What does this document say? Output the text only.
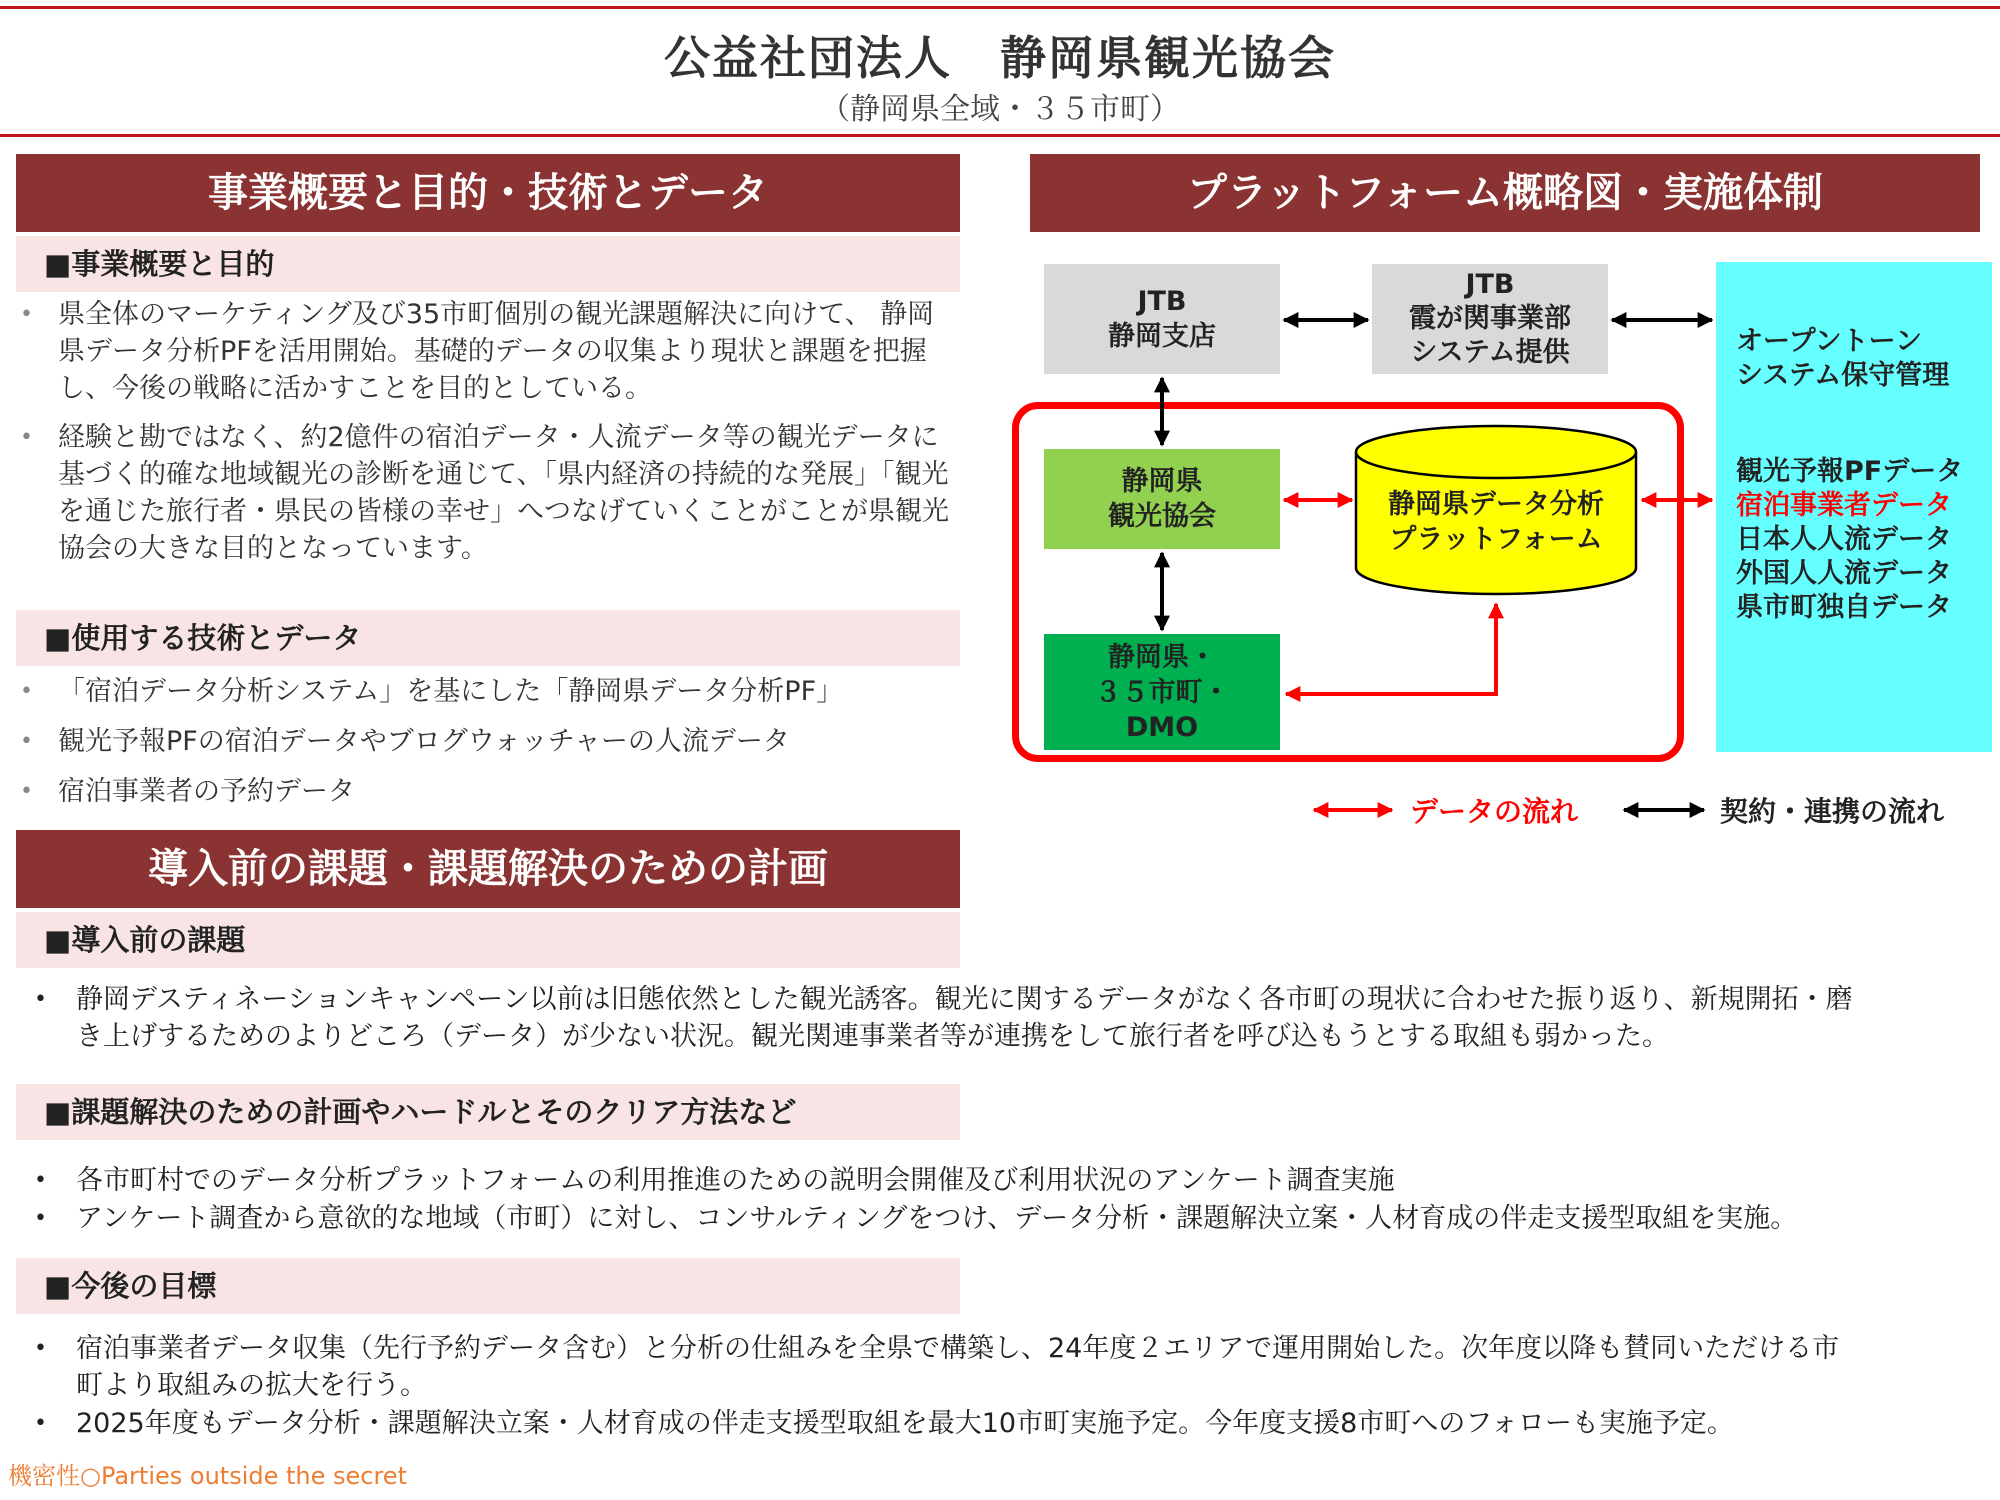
公益社団法人　静岡県観光協会
（静岡県全域・３５市町）
事業概要と目的・技術とデータ
■事業概要と目的
• 県全体のマーケティング及び35市町個別の観光課題解決に向けて、 静岡県データ分析PFを活用開始。基礎的データの収集より現状と課題を把握し、今後の戦略に活かすことを目的としている。
• 経験と勘ではなく、約2億件の宿泊データ・人流データ等の観光データに基づく的確な地域観光の診断を通じて、「県内経済の持続的な発展」「観光を通じた旅行者・県民の皆様の幸せ」へつなげていくことがことが県観光協会の大きな目的となっています。
■使用する技術とデータ
• 「宿泊データ分析システム」を基にした「静岡県データ分析PF」
• 観光予報PFの宿泊データやブログウォッチャーの人流データ
• 宿泊事業者の予約データ
プラットフォーム概略図・実施体制
JTB
静岡支店
JTB
霞が関事業部
システム提供	オープントーン
システム保守管理
観光予報PFデータ
宿泊事業者データ
日本人人流データ
外国人人流データ
県市町独自データ
静岡県
観光協会
静岡県・
３５市町・
DMO
静岡県データ分析
プラットフォーム
データの流れ	契約・連携の流れ
導入前の課題・課題解決のための計画
■導入前の課題
• 静岡デスティネーションキャンペーン以前は旧態依然とした観光誘客。観光に関するデータがなく各市町の現状に合わせた振り返り、新規開拓・磨き上げするためのよりどころ（データ）が少ない状況。観光関連事業者等が連携をして旅行者を呼び込もうとする取組も弱かった。
■課題解決のための計画やハードルとそのクリア方法など
• 各市町村でのデータ分析プラットフォームの利用推進のための説明会開催及び利用状況のアンケート調査実施
• アンケート調査から意欲的な地域（市町）に対し、コンサルティングをつけ、データ分析・課題解決立案・人材育成の伴走支援型取組を実施。
■今後の目標
• 宿泊事業者データ収集（先行予約データ含む）と分析の仕組みを全県で構築し、24年度２エリアで運用開始した。次年度以降も賛同いただける市町より取組みの拡大を行う。
• 2025年度もデータ分析・課題解決立案・人材育成の伴走支援型取組を最大10市町実施予定。今年度支援8市町へのフォローも実施予定。
機密性○Parties outside the secret
